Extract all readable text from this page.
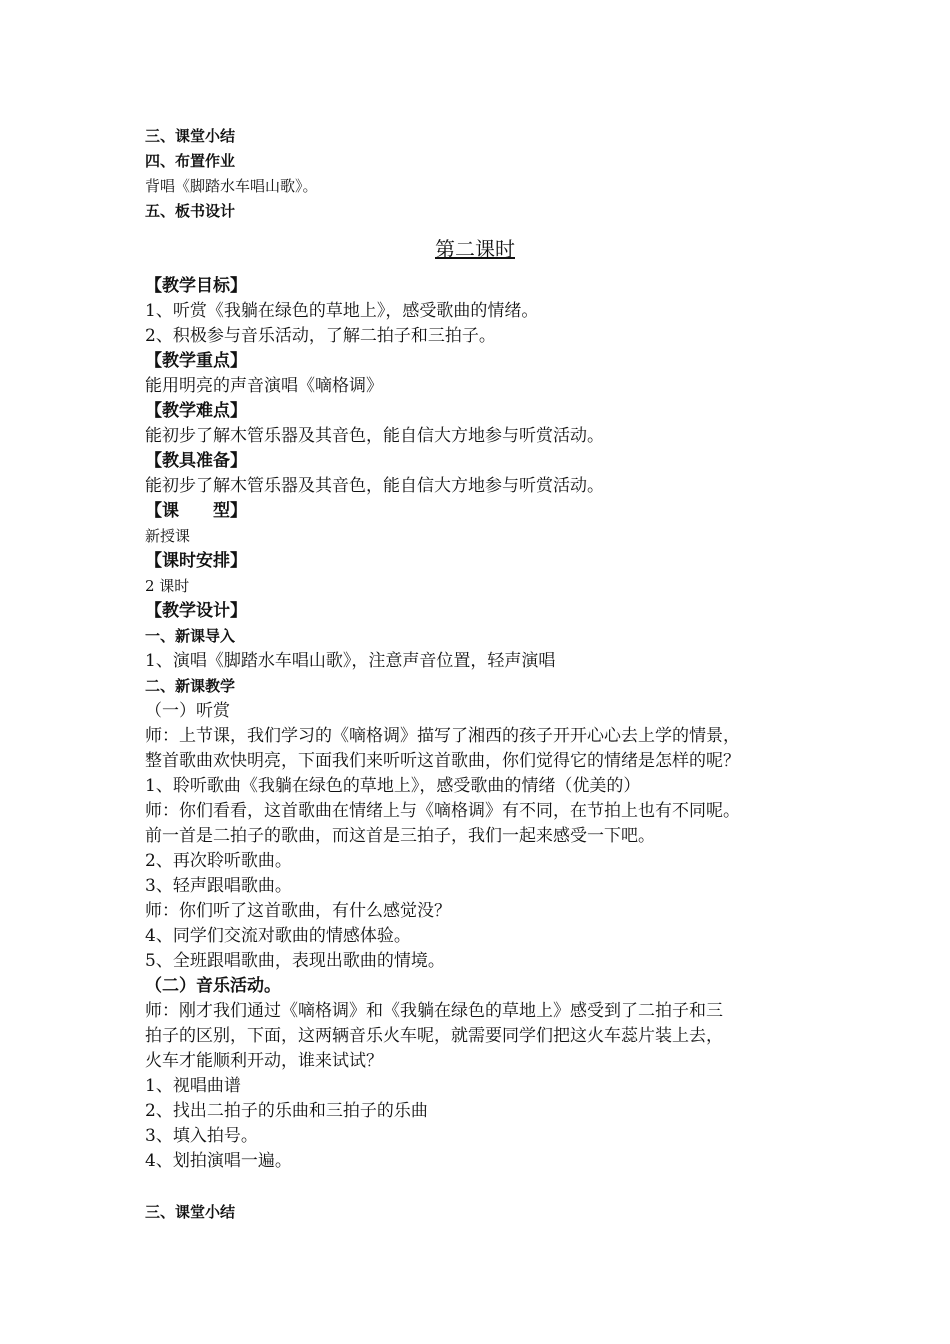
三、课堂小结
四、布置作业
背唱《脚踏水车唱山歌》。
五、板书设计
第二课时
【教学目标】
1、听赏《我躺在绿色的草地上》，感受歌曲的情绪。
2、积极参与音乐活动，了解二拍子和三拍子。
【教学重点】
能用明亮的声音演唱《嘀格调》
【教学难点】
能初步了解木管乐器及其音色，能自信大方地参与听赏活动。
【教具准备】
能初步了解木管乐器及其音色，能自信大方地参与听赏活动。
【课　　型】
新授课
【课时安排】
2 课时
【教学设计】
一、新课导入
1、演唱《脚踏水车唱山歌》，注意声音位置，轻声演唱
二、新课教学
（一）听赏
师：上节课，我们学习的《嘀格调》描写了湘西的孩子开开心心去上学的情景，
整首歌曲欢快明亮，下面我们来听听这首歌曲，你们觉得它的情绪是怎样的呢？
1、聆听歌曲《我躺在绿色的草地上》，感受歌曲的情绪（优美的）
师：你们看看，这首歌曲在情绪上与《嘀格调》有不同，在节拍上也有不同呢。
前一首是二拍子的歌曲，而这首是三拍子，我们一起来感受一下吧。
2、再次聆听歌曲。
3、轻声跟唱歌曲。
师：你们听了这首歌曲，有什么感觉没？
4、同学们交流对歌曲的情感体验。
5、全班跟唱歌曲，表现出歌曲的情境。
（二）音乐活动。
师：刚才我们通过《嘀格调》和《我躺在绿色的草地上》感受到了二拍子和三
拍子的区别，下面，这两辆音乐火车呢，就需要同学们把这火车蕊片装上去，
火车才能顺利开动，谁来试试？
1、视唱曲谱
2、找出二拍子的乐曲和三拍子的乐曲
3、填入拍号。
4、划拍演唱一遍。
三、课堂小结
